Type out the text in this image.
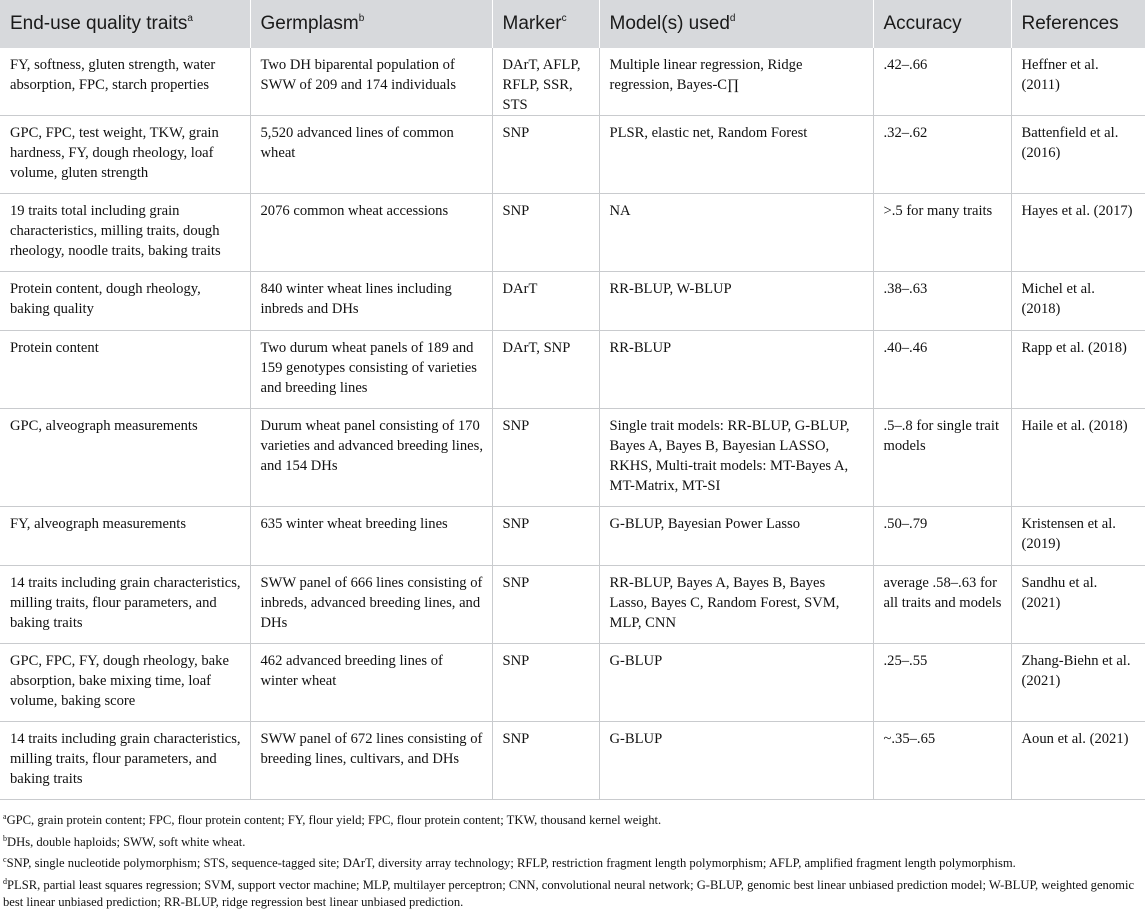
End-use quality traits$^a$	Germplasm$^b$	Marker$^c$	Model(s) used$^d$	Accuracy	References
FY, softness, gluten strength, water absorption, FPC, starch properties	Two DH biparental population of SWW of 209 and 174 individuals	DArT, AFLP, RFLP, SSR, STS	Multiple linear regression, Ridge regression, Bayes-C∏	.42–.66	Heffner et al. (2011)
GPC, FPC, test weight, TKW, grain hardness, FY, dough rheology, loaf volume, gluten strength	5,520 advanced lines of common wheat	SNP	PLSR, elastic net, Random Forest	.32–.62	Battenfield et al. (2016)
19 traits total including grain characteristics, milling traits, dough rheology, noodle traits, baking traits	2076 common wheat accessions	SNP	NA	>.5 for many traits	Hayes et al. (2017)
Protein content, dough rheology, baking quality	840 winter wheat lines including inbreds and DHs	DArT	RR-BLUP, W-BLUP	.38–.63	Michel et al. (2018)
Protein content	Two durum wheat panels of 189 and 159 genotypes consisting of varieties and breeding lines	DArT, SNP	RR-BLUP	.40–.46	Rapp et al. (2018)
GPC, alveograph measurements	Durum wheat panel consisting of 170 varieties and advanced breeding lines, and 154 DHs	SNP	Single trait models: RR-BLUP, G-BLUP, Bayes A, Bayes B, Bayesian LASSO, RKHS, Multi-trait models: MT-Bayes A, MT-Matrix, MT-SI	.5–.8 for single trait models	Haile et al. (2018)
FY, alveograph measurements	635 winter wheat breeding lines	SNP	G-BLUP, Bayesian Power Lasso	.50–.79	Kristensen et al. (2019)
14 traits including grain characteristics, milling traits, flour parameters, and baking traits	SWW panel of 666 lines consisting of inbreds, advanced breeding lines, and DHs	SNP	RR-BLUP, Bayes A, Bayes B, Bayes Lasso, Bayes C, Random Forest, SVM, MLP, CNN	average .58–.63 for all traits and models	Sandhu et al. (2021)
GPC, FPC, FY, dough rheology, bake absorption, bake mixing time, loaf volume, baking score	462 advanced breeding lines of winter wheat	SNP	G-BLUP	.25–.55	Zhang-Biehn et al. (2021)
14 traits including grain characteristics, milling traits, flour parameters, and baking traits	SWW panel of 672 lines consisting of breeding lines, cultivars, and DHs	SNP	G-BLUP	~.35–.65	Aoun et al. (2021)

$^a$GPC, grain protein content; FPC, flour protein content; FY, flour yield; FPC, flour protein content; TKW, thousand kernel weight.

$^b$DHs, double haploids; SWW, soft white wheat.

$^c$SNP, single nucleotide polymorphism; STS, sequence-tagged site; DArT, diversity array technology; RFLP, restriction fragment length polymorphism; AFLP, amplified fragment length polymorphism.

$^d$PLSR, partial least squares regression; SVM, support vector machine; MLP, multilayer perceptron; CNN, convolutional neural network; G-BLUP, genomic best linear unbiased prediction model; W-BLUP, weighted genomic best linear unbiased prediction; RR-BLUP, ridge regression best linear unbiased prediction.
